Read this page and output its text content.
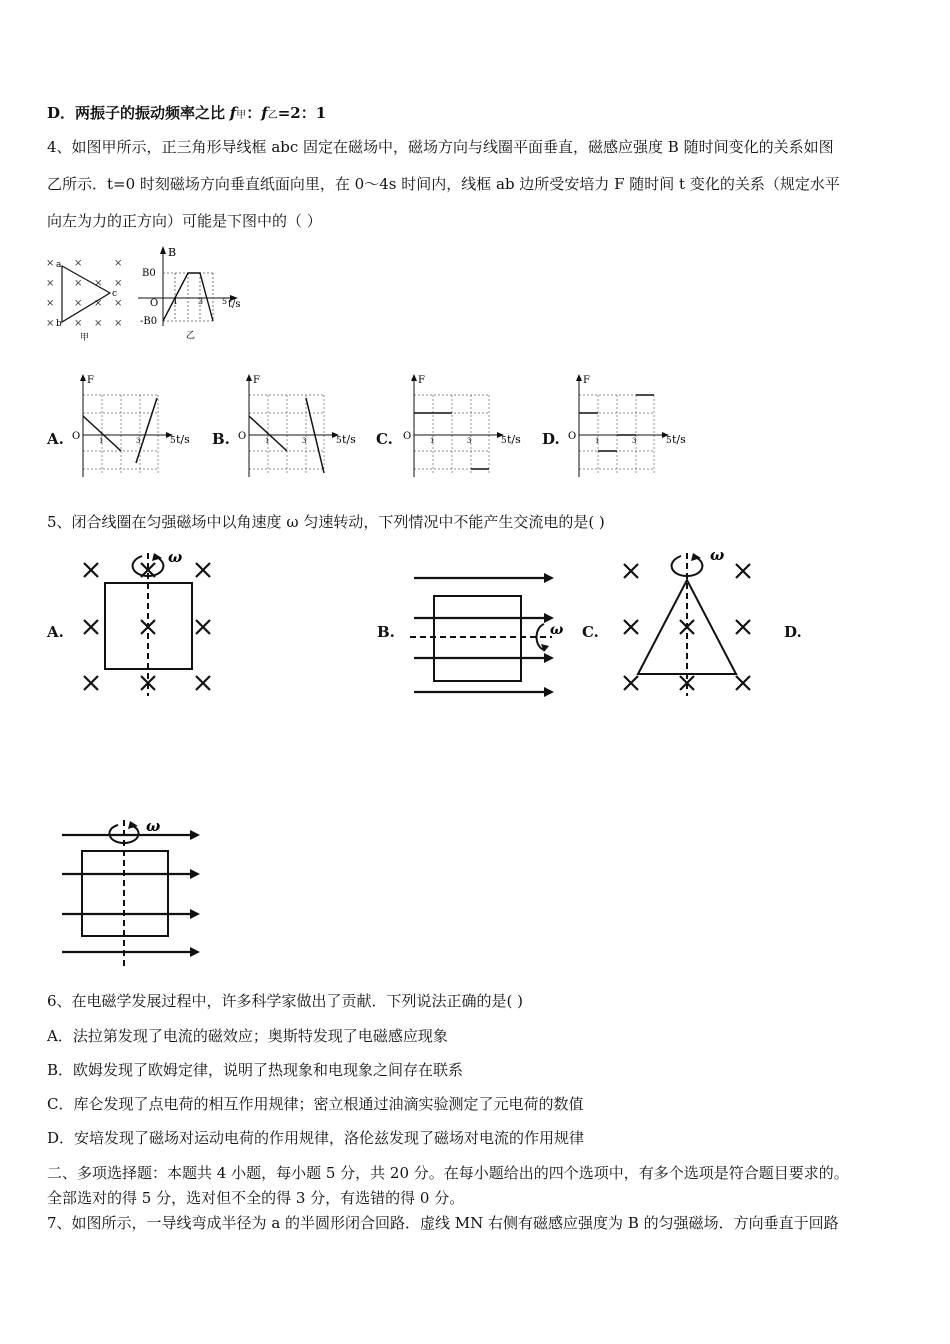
D．两振子的振动频率之比 f甲：f乙=2：1
4、如图甲所示，正三角形导线框 abc 固定在磁场中，磁场方向与线圈平面垂直，磁感应强度 B 随时间变化的关系如图
乙所示．t=0 时刻磁场方向垂直纸面向里，在 0～4s 时间内，线框 ab 边所受安培力 F 随时间 t 变化的关系（规定水平
向左为力的正方向）可能是下图中的（ ）
× ×	×
× × × ×
× × × ×
× × × ×
a
b
c
甲
B
B0
-B0
O 1 3 5 t/s
乙
A.	B.	C.	D.
F
O	1	3	5 t/s
F
O	1	3	5 t/s
F
O	1	3	5 t/s
F
O	1	3	5 t/s
5、闭合线圈在匀强磁场中以角速度 ω 匀速转动，下列情况中不能产生交流电的是( )
A.	B.	C.	D.
ω
ω
ω
ω
6、在电磁学发展过程中，许多科学家做出了贡献．下列说法正确的是( )
A．法拉第发现了电流的磁效应；奥斯特发现了电磁感应现象
B．欧姆发现了欧姆定律，说明了热现象和电现象之间存在联系
C．库仑发现了点电荷的相互作用规律；密立根通过油滴实验测定了元电荷的数值
D．安培发现了磁场对运动电荷的作用规律，洛伦兹发现了磁场对电流的作用规律
二、多项选择题：本题共 4 小题，每小题 5 分，共 20 分。在每小题给出的四个选项中，有多个选项是符合题目要求的。
全部选对的得 5 分，选对但不全的得 3 分，有选错的得 0 分。
7、如图所示，一导线弯成半径为 a 的半圆形闭合回路．虚线 MN 右侧有磁感应强度为 B 的匀强磁场．方向垂直于回路
